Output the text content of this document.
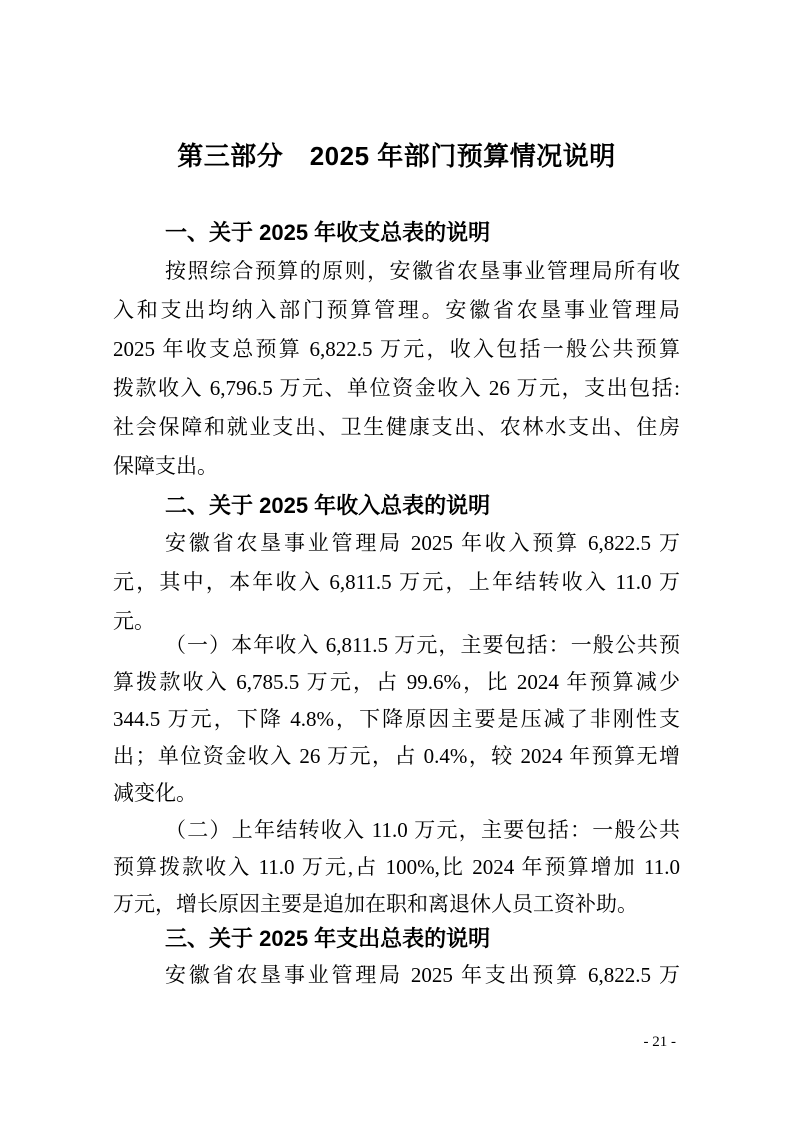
第三部分　2025 年部门预算情况说明
一、关于 2025 年收支总表的说明
按照综合预算的原则，安徽省农垦事业管理局所有收
入和支出均纳入部门预算管理。安徽省农垦事业管理局
2025 年收支总预算 6,822.5 万元，收入包括一般公共预算
拨款收入 6,796.5 万元、单位资金收入 26 万元，支出包括:
社会保障和就业支出、卫生健康支出、农林水支出、住房
保障支出。
二、关于 2025 年收入总表的说明
安徽省农垦事业管理局 2025 年收入预算 6,822.5 万
元，其中，本年收入 6,811.5 万元，上年结转收入 11.0 万
元。
（一）本年收入 6,811.5 万元，主要包括：一般公共预
算拨款收入 6,785.5 万元，占 99.6%，比 2024 年预算减少
344.5 万元，下降 4.8%，下降原因主要是压减了非刚性支
出；单位资金收入 26 万元，占 0.4%，较 2024 年预算无增
减变化。
（二）上年结转收入 11.0 万元，主要包括：一般公共
预算拨款收入 11.0 万元,占 100%,比 2024 年预算增加 11.0
万元，增长原因主要是追加在职和离退休人员工资补助。
三、关于 2025 年支出总表的说明
安徽省农垦事业管理局 2025 年支出预算 6,822.5 万
- 21 -
